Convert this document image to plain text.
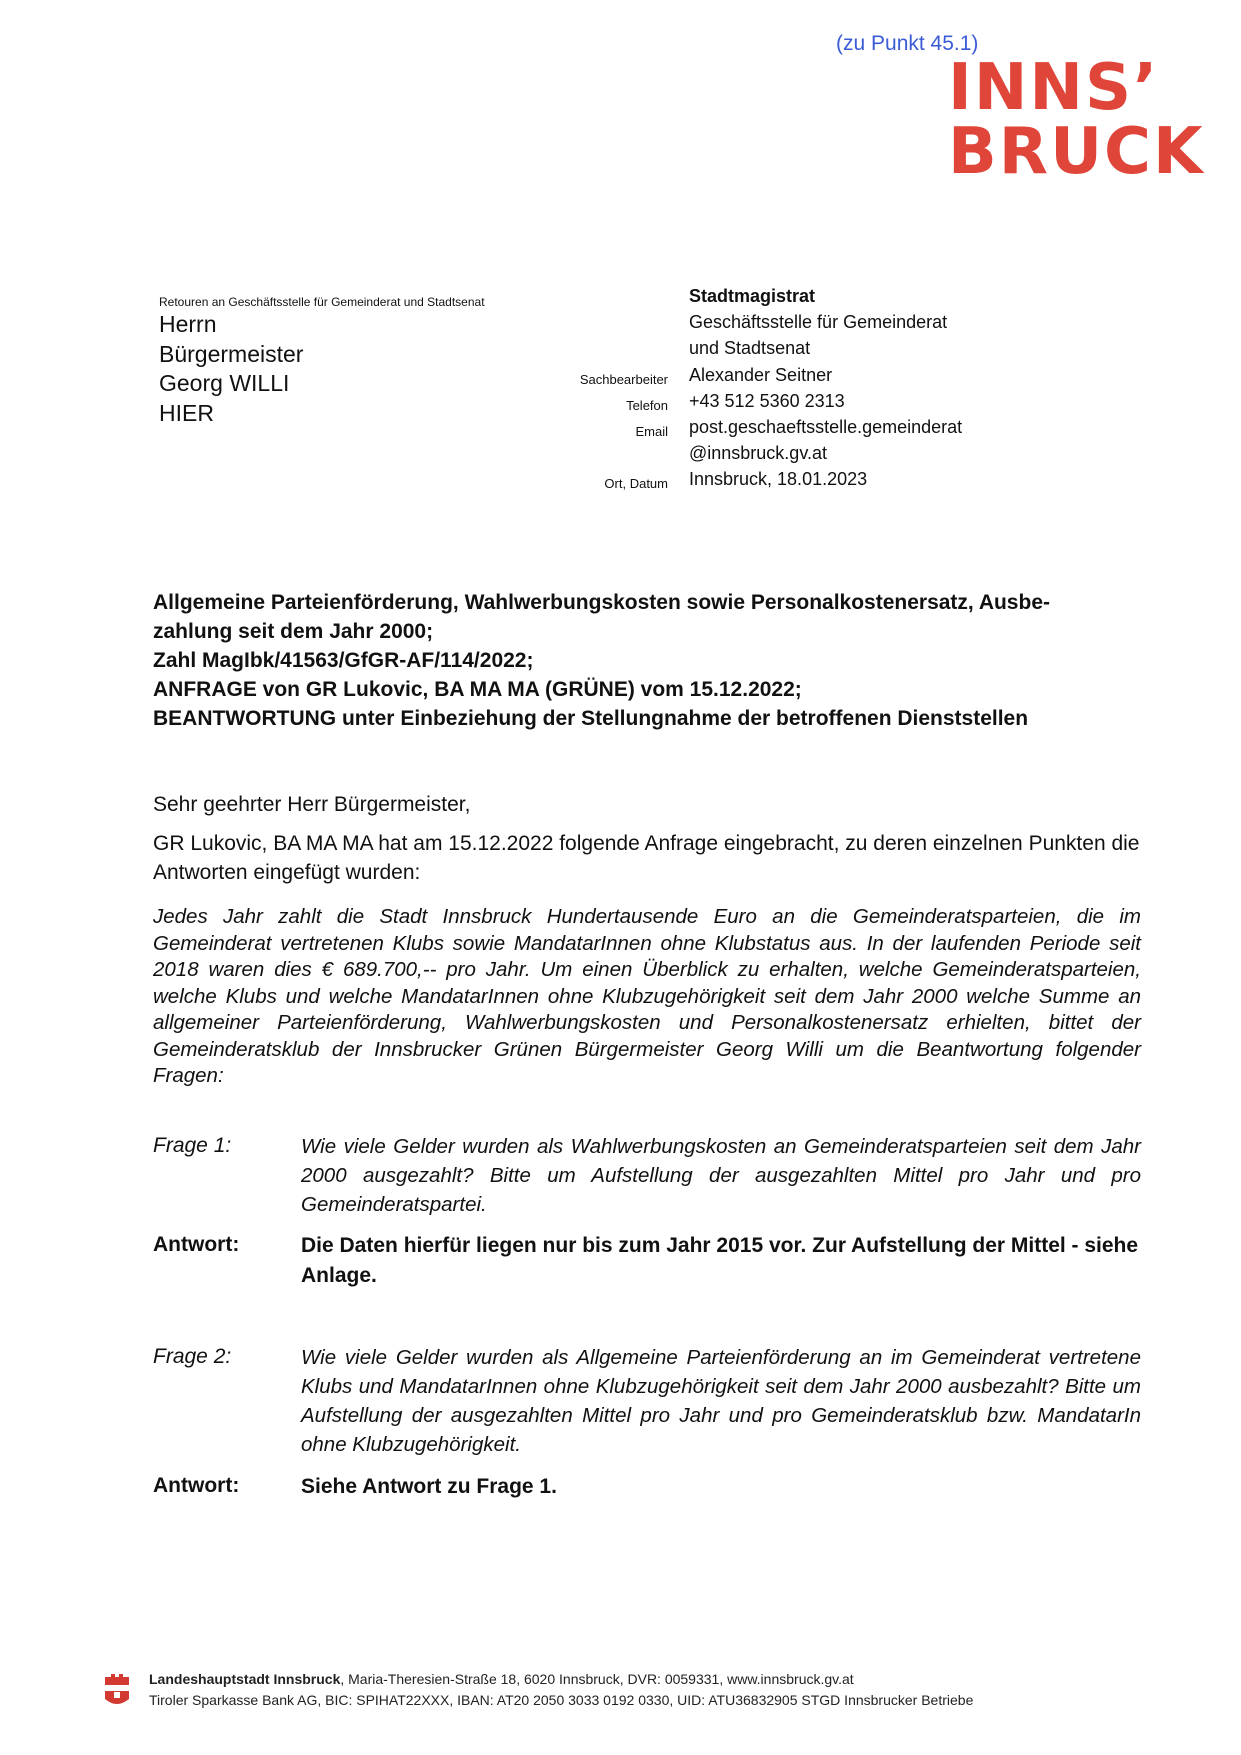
(zu Punkt 45.1)
INNS’
BRUCK
Retouren an Geschäftsstelle für Gemeinderat und Stadtsenat
Herrn
Bürgermeister
Georg WILLI
HIER
Stadtmagistrat
Geschäftsstelle für Gemeinderat
und Stadtsenat
Sachbearbeiter Alexander Seitner
Telefon +43 512 5360 2313
Email post.geschaeftsstelle.gemeinderat
@innsbruck.gv.at
Ort, Datum Innsbruck, 18.01.2023
Allgemeine Parteienförderung, Wahlwerbungskosten sowie Personalkostenersatz, Ausbe-
zahlung seit dem Jahr 2000;
Zahl MagIbk/41563/GfGR-AF/114/2022;
ANFRAGE von GR Lukovic, BA MA MA (GRÜNE) vom 15.12.2022;
BEANTWORTUNG unter Einbeziehung der Stellungnahme der betroffenen Dienststellen
Sehr geehrter Herr Bürgermeister,
GR Lukovic, BA MA MA hat am 15.12.2022 folgende Anfrage eingebracht, zu deren einzelnen Punkten die Antworten eingefügt wurden:
Jedes Jahr zahlt die Stadt Innsbruck Hundertausende Euro an die Gemeinderatsparteien, die im Gemeinderat vertretenen Klubs sowie MandatarInnen ohne Klubstatus aus. In der laufenden Periode seit 2018 waren dies € 689.700,-- pro Jahr. Um einen Überblick zu erhalten, welche Gemeinderatsparteien, welche Klubs und welche MandatarInnen ohne Klubzugehörigkeit seit dem Jahr 2000 welche Summe an allgemeiner Parteienförderung, Wahlwerbungskosten und Personalkostenersatz erhielten, bittet der Gemeinderatsklub der Innsbrucker Grünen Bürgermeister Georg Willi um die Beantwortung folgender Fragen:
Frage 1:	Wie viele Gelder wurden als Wahlwerbungskosten an Gemeinderatsparteien seit dem Jahr 2000 ausgezahlt? Bitte um Aufstellung der ausgezahlten Mittel pro Jahr und pro Gemeinderatspartei.
Antwort:	Die Daten hierfür liegen nur bis zum Jahr 2015 vor. Zur Aufstellung der Mittel - siehe Anlage.
Frage 2:	Wie viele Gelder wurden als Allgemeine Parteienförderung an im Gemeinderat vertretene Klubs und MandatarInnen ohne Klubzugehörigkeit seit dem Jahr 2000 ausbezahlt? Bitte um Aufstellung der ausgezahlten Mittel pro Jahr und pro Gemeinderatsklub bzw. MandatarIn ohne Klubzugehörigkeit.
Antwort:	Siehe Antwort zu Frage 1.
Landeshauptstadt Innsbruck, Maria-Theresien-Straße 18, 6020 Innsbruck, DVR: 0059331, www.innsbruck.gv.at
Tiroler Sparkasse Bank AG, BIC: SPIHAT22XXX, IBAN: AT20 2050 3033 0192 0330, UID: ATU36832905 STGD Innsbrucker Betriebe
